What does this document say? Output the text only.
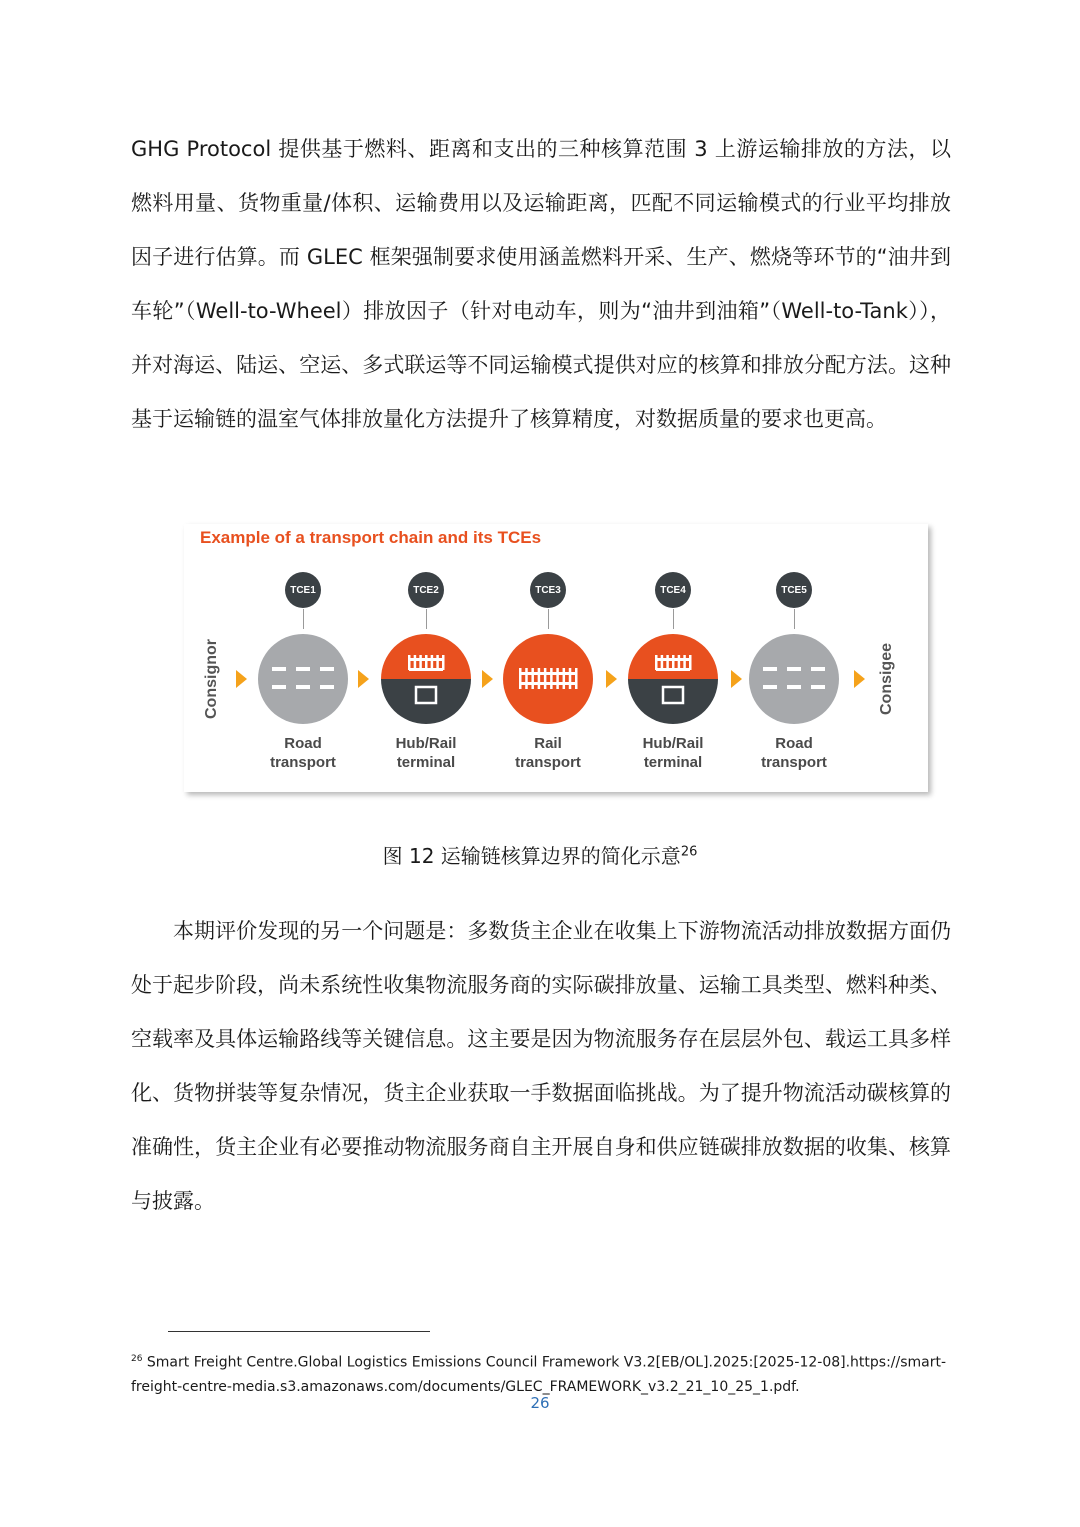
GHG Protocol 提供基于燃料、距离和支出的三种核算范围 3 上游运输排放的方法，以燃料用量、货物重量/体积、运输费用以及运输距离，匹配不同运输模式的行业平均排放因子进行估算。而 GLEC 框架强制要求使用涵盖燃料开采、生产、燃烧等环节的“油井到车轮”（Well-to-Wheel）排放因子（针对电动车，则为“油井到油箱”（Well-to-Tank）），并对海运、陆运、空运、多式联运等不同运输模式提供对应的核算和排放分配方法。这种基于运输链的温室气体排放量化方法提升了核算精度，对数据质量的要求也更高。

Example of a transport chain and its TCEs
Consignor	Consigee
TCE1
Road
transport
TCE2
Hub/Rail
terminal
TCE3
Rail
transport
TCE4
Hub/Rail
terminal
TCE5
Road
transport
图 12 运输链核算边界的简化示意$^{26}$

本期评价发现的另一个问题是：多数货主企业在收集上下游物流活动排放数据方面仍处于起步阶段，尚未系统性收集物流服务商的实际碳排放量、运输工具类型、燃料种类、空载率及具体运输路线等关键信息。这主要是因为物流服务存在层层外包、载运工具多样化、货物拼装等复杂情况，货主企业获取一手数据面临挑战。为了提升物流活动碳核算的准确性，货主企业有必要推动物流服务商自主开展自身和供应链碳排放数据的收集、核算与披露。

$^{26}$ Smart Freight Centre.Global Logistics Emissions Council Framework V3.2[EB/OL].2025:[2025-12-08].https://smart-freight-centre-media.s3.amazonaws.com/documents/GLEC_FRAMEWORK_v3.2_21_10_25_1.pdf.
26
